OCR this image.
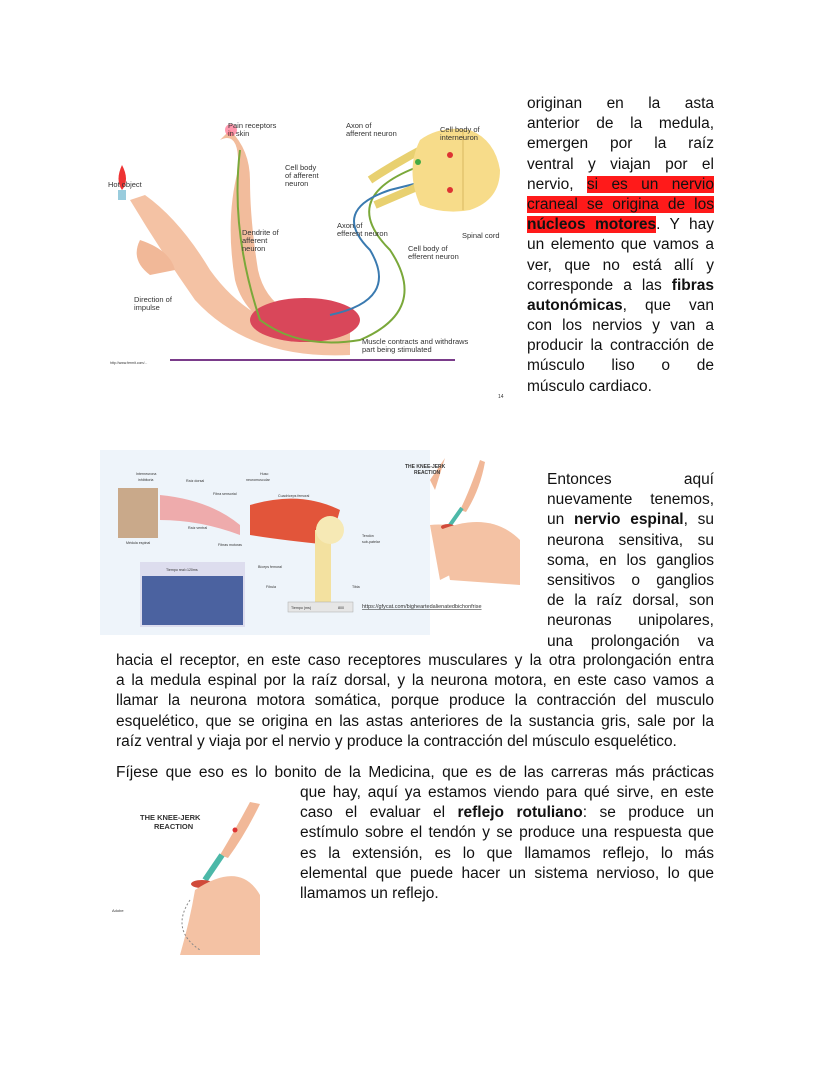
originan en la asta
anterior de la medula,
emergen por la raíz
ventral y viajan por el
nervio, si es un nervio
craneal se origina de los
núcleos motores. Y hay
un elemento que vamos a
ver, que no está allí y
corresponde a las fibras
autonómicas, que van
con los nervios y van a
producir la contracción de
músculo liso o de
músculo cardiaco.
Entonces aquí
nuevamente tenemos,
un nervio espinal, su
neurona sensitiva, su
soma, en los ganglios
sensitivos o ganglios
de la raíz dorsal, son
neuronas unipolares,
una prolongación va
hacia el receptor, en este caso receptores musculares y la otra prolongación entra
a la medula espinal por la raíz dorsal, y la neurona motora, en este caso vamos a
llamar la neurona motora somática, porque produce la contracción del musculo
esquelético, que se origina en las astas anteriores de la sustancia gris, sale por la
raíz ventral y viaja por el nervio y produce la contracción del músculo esquelético.
Fíjese que eso es lo bonito de la Medicina, que es de las carreras más prácticas
que hay, aquí ya estamos viendo para qué sirve, en este
caso el evaluar el reflejo rotuliano: se produce un
estímulo sobre el tendón y se produce una respuesta que
es la extensión, es lo que llamamos reflejo, lo más
elemental que puede hacer un sistema nervioso, lo que
llamamos un reflejo.
Pain receptors
in skin
Hot object
Cell body
of afferent
neuron
Axon of
afferent neuron	Cell body of
interneuron
Dendrite of
afferent
neuron
Axon of
efferent neuron	Spinal cord
Cell body of
efferent neuron
Direction of
impulse
Muscle contracts and withdraws
part being stimulated
http://www.fermit.com/...
14
Interneurona
inhibitoria	Raíz dorsal
Huso
neuromuscular
Fibra sensorial	Cuadríceps femoral
Raíz ventral
Médula espinal	Fibras motoras
Tendón
sub-patelar
Bíceps femoral
Fíbula	Tibia
Tiempo real=120ms
Tiempo (ms)	800	https://gfycat.com/bigheartedalienatedbichonfrise
THE KNEE-JERK
REACTION
THE KNEE-JERK
REACTION
Adobe
